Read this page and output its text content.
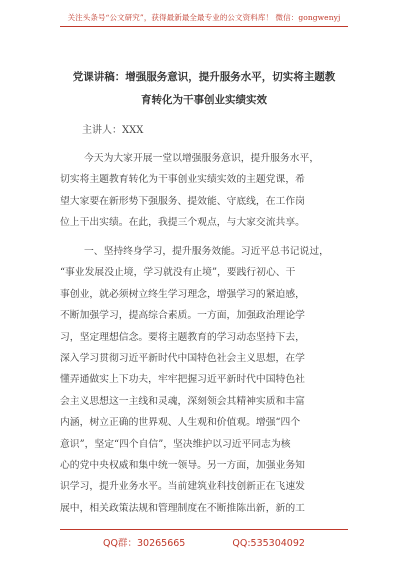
关注头条号“公文研究”，获得最新最全最专业的公文资料库！ 微信：gongwenyj
党课讲稿：增强服务意识，提升服务水平，切实将主题教
育转化为干事创业实绩实效
主讲人：XXX
今天为大家开展一堂以增强服务意识，提升服务水平，
切实将主题教育转化为干事创业实绩实效的主题党课，希
望大家要在新形势下强服务、提效能、守底线，在工作岗
位上干出实绩。在此，我提三个观点，与大家交流共享。
一、坚持终身学习，提升服务效能。习近平总书记说过，
“事业发展没止境，学习就没有止境”，要践行初心、干
事创业，就必须树立终生学习理念，增强学习的紧迫感，
不断加强学习，提高综合素质。一方面，加强政治理论学
习，坚定理想信念。要将主题教育的学习动态坚持下去，
深入学习贯彻习近平新时代中国特色社会主义思想，在学
懂弄通做实上下功夫，牢牢把握习近平新时代中国特色社
会主义思想这一主线和灵魂，深刻领会其精神实质和丰富
内涵，树立正确的世界观、人生观和价值观。增强“四个
意识”，坚定“四个自信”，坚决维护以习近平同志为核
心的党中央权威和集中统一领导。另一方面，加强业务知
识学习，提升业务水平。当前建筑业科技创新正在飞速发
展中，相关政策法规和管理制度在不断推陈出新，新的工
QQ群：30265665	QQ:535304092
